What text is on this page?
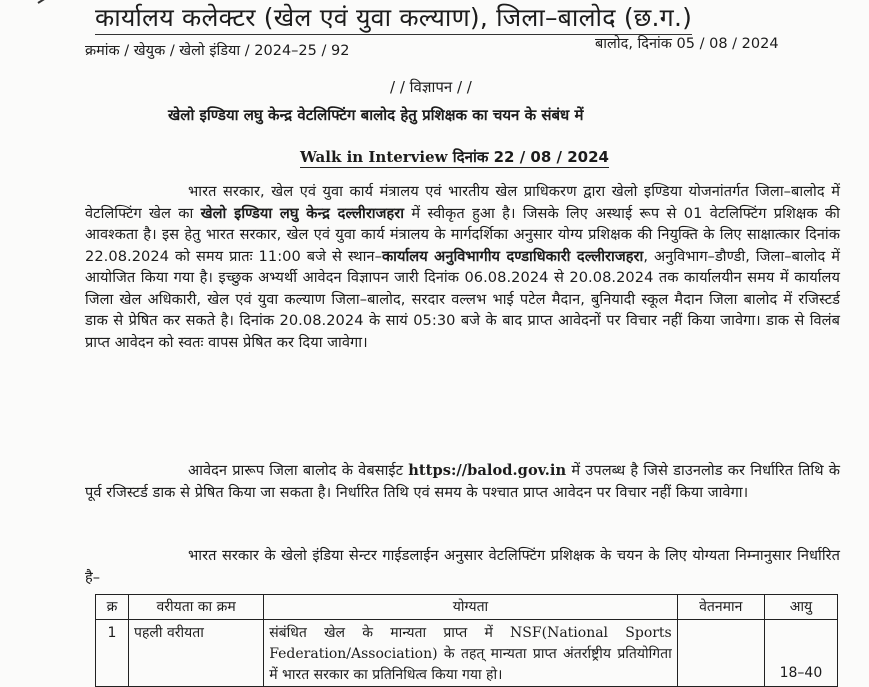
कार्यालय कलेक्टर (खेल एवं युवा कल्याण), जिला–बालोद (छ.ग.)
क्रमांक / खेयुक / खेलो इंडिया / 2024–25 / 92	बालोद, दिनांक 05 / 08 / 2024
/ / विज्ञापन / /
खेलो इण्डिया लघु केन्द्र वेटलिफ्टिंग बालोद हेतु प्रशिक्षक का चयन के संबंध में
Walk in Interview दिनांक 22 / 08 / 2024
भारत सरकार, खेल एवं युवा कार्य मंत्रालय एवं भारतीय खेल प्राधिकरण द्वारा खेलो इण्डिया योजनांतर्गत जिला–बालोद में वेटलिफ्टिंग खेल का खेलो इण्डिया लघु केन्द्र दल्लीराजहरा में स्वीकृत हुआ है। जिसके लिए अस्थाई रूप से 01 वेटलिफ्टिंग प्रशिक्षक की आवश्कता है। इस हेतु भारत सरकार, खेल एवं युवा कार्य मंत्रालय के मार्गदर्शिका अनुसार योग्य प्रशिक्षक की नियुक्ति के लिए साक्षात्कार दिनांक 22.08.2024 को समय प्रातः 11:00 बजे से स्थान–कार्यालय अनुविभागीय दण्डाधिकारी दल्लीराजहरा, अनुविभाग–डौण्डी, जिला–बालोद में आयोजित किया गया है। इच्छुक अभ्यर्थी आवेदन विज्ञापन जारी दिनांक 06.08.2024 से 20.08.2024 तक कार्यालयीन समय में कार्यालय जिला खेल अधिकारी, खेल एवं युवा कल्याण जिला–बालोद, सरदार वल्लभ भाई पटेल मैदान, बुनियादी स्कूल मैदान जिला बालोद में रजिस्टर्ड डाक से प्रेषित कर सकते है। दिनांक 20.08.2024 के सायं 05:30 बजे के बाद प्राप्त आवेदनों पर विचार नहीं किया जावेगा। डाक से विलंब प्राप्त आवेदन को स्वतः वापस प्रेषित कर दिया जावेगा।
आवेदन प्रारूप जिला बालोद के वेबसाईट https://balod.gov.in में उपलब्ध है जिसे डाउनलोड कर निर्धारित तिथि के पूर्व रजिस्टर्ड डाक से प्रेषित किया जा सकता है। निर्धारित तिथि एवं समय के पश्चात प्राप्त आवेदन पर विचार नहीं किया जावेगा।
भारत सरकार के खेलो इंडिया सेन्टर गाईडलाईन अनुसार वेटलिफ्टिंग प्रशिक्षक के चयन के लिए योग्यता निम्नानुसार निर्धारित है–
क्र	वरीयता का क्रम	योग्यता	वेतनमान	आयु
1	पहली वरीयता	संबंधित खेल के मान्यता प्राप्त में NSF(National Sports Federation/Association) के तहत् मान्यता प्राप्त अंतर्राष्ट्रीय प्रतियोगिता में भारत सरकार का प्रतिनिधित्व किया गया हो।		18–40
